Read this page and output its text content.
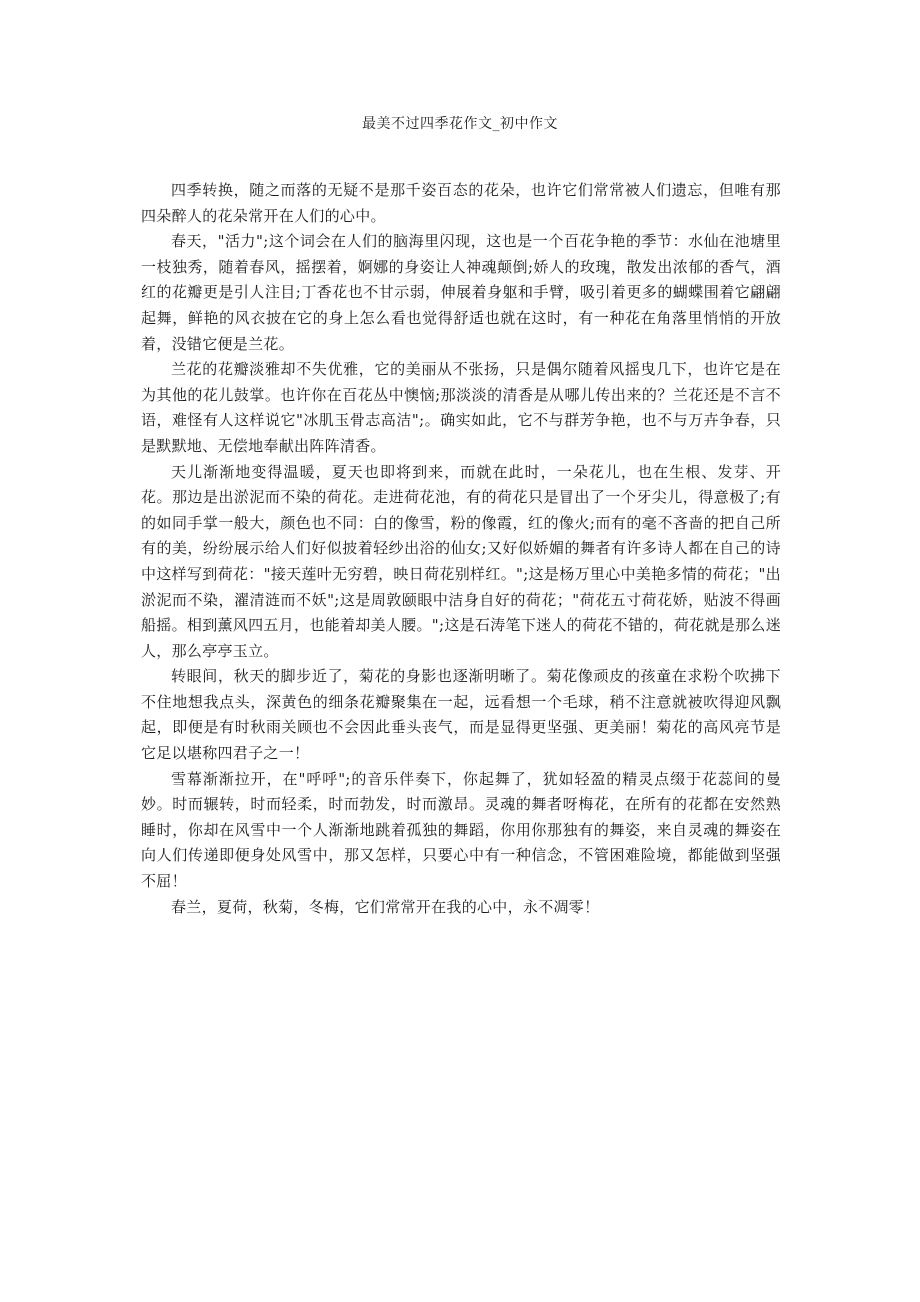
最美不过四季花作文_初中作文

四季转换，随之而落的无疑不是那千姿百态的花朵，也许它们常常被人们遗忘，但唯有那四朵醉人的花朵常开在人们的心中。

春天，"活力";这个词会在人们的脑海里闪现，这也是一个百花争艳的季节：水仙在池塘里一枝独秀，随着春风，摇摆着，婀娜的身姿让人神魂颠倒;娇人的玫瑰，散发出浓郁的香气，酒红的花瓣更是引人注目;丁香花也不甘示弱，伸展着身躯和手臂，吸引着更多的蝴蝶围着它翩翩起舞，鲜艳的风衣披在它的身上怎么看也觉得舒适也就在这时，有一种花在角落里悄悄的开放着，没错它便是兰花。

兰花的花瓣淡雅却不失优雅，它的美丽从不张扬，只是偶尔随着风摇曳几下，也许它是在为其他的花儿鼓掌。也许你在百花丛中懊恼;那淡淡的清香是从哪儿传出来的？兰花还是不言不语，难怪有人这样说它"冰肌玉骨志高洁";。确实如此，它不与群芳争艳，也不与万卉争春，只是默默地、无偿地奉献出阵阵清香。

天儿渐渐地变得温暖，夏天也即将到来，而就在此时，一朵花儿，也在生根、发芽、开花。那边是出淤泥而不染的荷花。走进荷花池，有的荷花只是冒出了一个牙尖儿，得意极了;有的如同手掌一般大，颜色也不同：白的像雪，粉的像霞，红的像火;而有的毫不吝啬的把自己所有的美，纷纷展示给人们好似披着轻纱出浴的仙女;又好似娇媚的舞者有许多诗人都在自己的诗中这样写到荷花："接天莲叶无穷碧，映日荷花别样红。";这是杨万里心中美艳多情的荷花；"出淤泥而不染，濯清涟而不妖";这是周敦颐眼中洁身自好的荷花；"荷花五寸荷花娇，贴波不得画船摇。相到薰风四五月，也能着却美人腰。";这是石涛笔下迷人的荷花不错的，荷花就是那么迷人，那么亭亭玉立。

转眼间，秋天的脚步近了，菊花的身影也逐渐明晰了。菊花像顽皮的孩童在求粉个吹拂下不住地想我点头，深黄色的细条花瓣聚集在一起，远看想一个毛球，稍不注意就被吹得迎风飘起，即便是有时秋雨关顾也不会因此垂头丧气，而是显得更坚强、更美丽！菊花的高风亮节是它足以堪称四君子之一！

雪幕渐渐拉开，在"呼呼";的音乐伴奏下，你起舞了，犹如轻盈的精灵点缀于花蕊间的曼妙。时而辗转，时而轻柔，时而勃发，时而激昂。灵魂的舞者呀梅花，在所有的花都在安然熟睡时，你却在风雪中一个人渐渐地跳着孤独的舞蹈，你用你那独有的舞姿，来自灵魂的舞姿在向人们传递即便身处风雪中，那又怎样，只要心中有一种信念，不管困难险境，都能做到坚强不屈！

春兰，夏荷，秋菊，冬梅，它们常常开在我的心中，永不凋零！
